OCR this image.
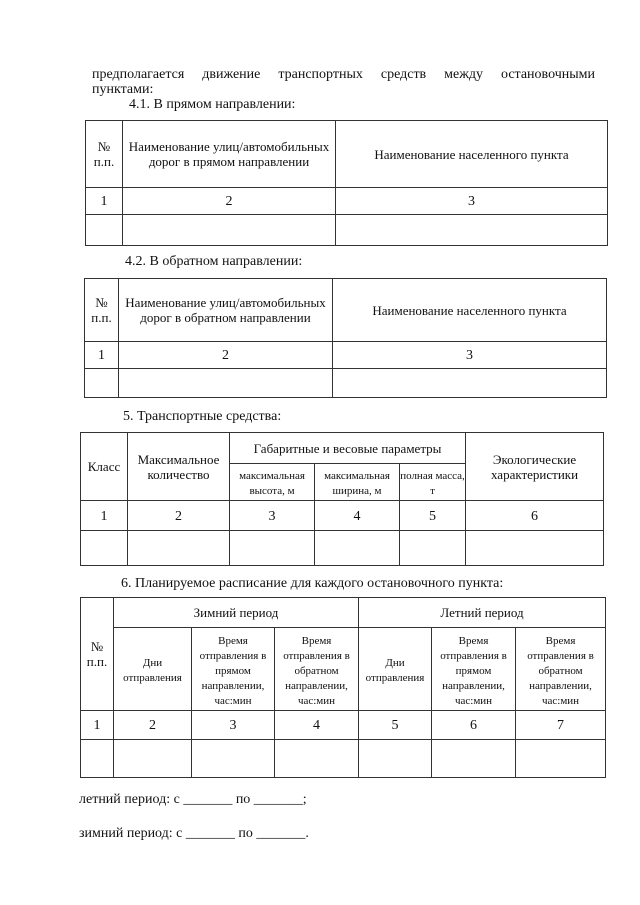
предполагается движение транспортных средств между остановочными
пунктами:
4.1. В прямом направлении:
№ п.п.	Наименование улиц/автомобильных дорог в прямом направлении	Наименование населенного пункта
1	2	3

4.2. В обратном направлении:
№ п.п.	Наименование улиц/автомобильных дорог в обратном направлении	Наименование населенного пункта
1	2	3

5. Транспортные средства:
Класс	Максимальное количество	Габаритные и весовые параметры			Экологические характеристики
		максимальная высота, м	максимальная ширина, м	полная масса, т	
1	2	3	4	5	6

6. Планируемое расписание для каждого остановочного пункта:
№ п.п.	Зимний период			Летний период		
	Дни отправления	Время отправления в прямом направлении, час:мин	Время отправления в обратном направлении, час:мин	Дни отправления	Время отправления в прямом направлении, час:мин	Время отправления в обратном направлении, час:мин
1	2	3	4	5	6	7

летний период: с _______ по _______;
зимний период: с _______ по _______.
